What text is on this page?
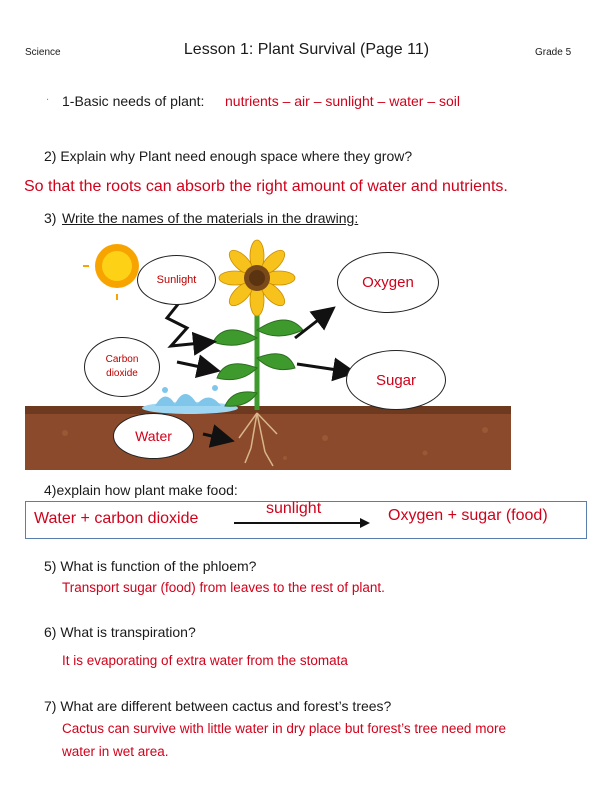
Science	Lesson 1: Plant Survival (Page 11)	Grade 5
. 1-Basic needs of plant: nutrients – air – sunlight – water – soil
2) Explain why Plant need enough space where they grow?
So that the roots can absorb the right amount of water and nutrients.
3) Write the names of the materials in the drawing:
Sunlight
Carbon
dioxide
Water
Oxygen
Sugar
4)explain how plant make food:
Water + carbon dioxide
sunlight	Oxygen + sugar (food)
5) What is function of the phloem?
Transport sugar (food) from leaves to the rest of plant.
6) What is transpiration?
It is evaporating of extra water from the stomata
7) What are different between cactus and forest’s trees?
Cactus can survive with little water in dry place but forest’s tree need more
water in wet area.
